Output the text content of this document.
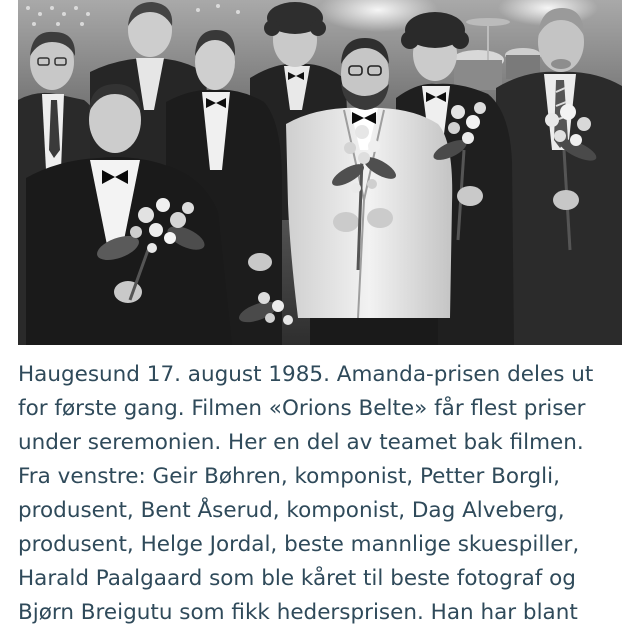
Haugesund 17. august 1985. Amanda-prisen deles ut
for første gang. Filmen «Orions Belte» får flest priser
under seremonien. Her en del av teamet bak filmen.
Fra venstre: Geir Bøhren, komponist, Petter Borgli,
produsent, Bent Åserud, komponist, Dag Alveberg,
produsent, Helge Jordal, beste mannlige skuespiller,
Harald Paalgaard som ble kåret til beste fotograf og
Bjørn Breigutu som fikk hedersprisen. Han har blant
